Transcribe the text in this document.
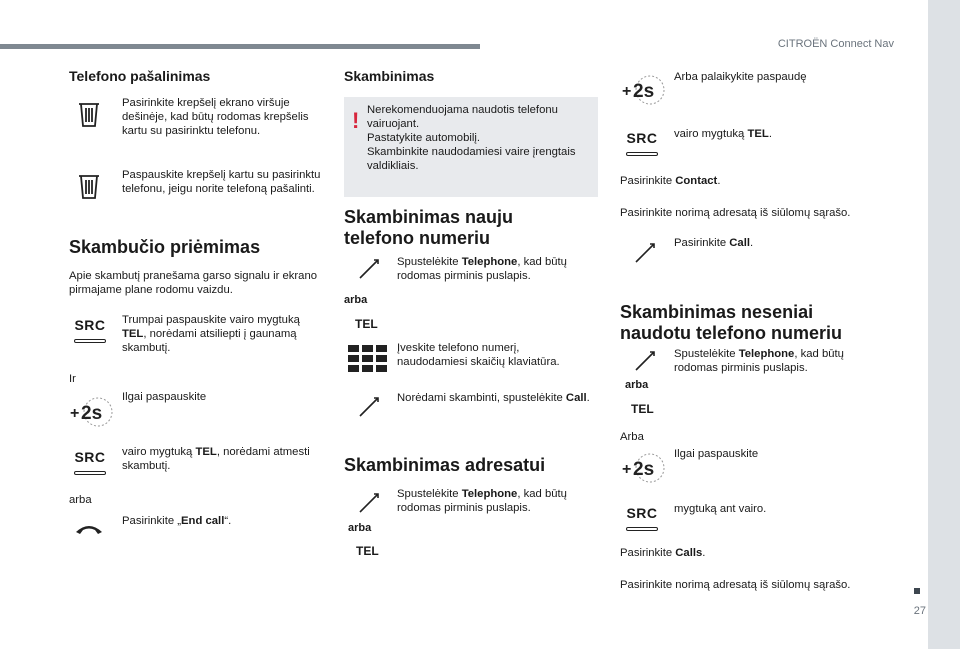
CITROËN Connect Nav
27
Telefono pašalinimas
Pasirinkite krepšelį ekrano viršuje dešinėje, kad būtų rodomas krepšelis kartu su pasirinktu telefonu.
Paspauskite krepšelį kartu su pasirinktu telefonu, jeigu norite telefoną pašalinti.
Skambučio priėmimas
Apie skambutį pranešama garso signalu ir ekrano pirmajame plane rodomu vaizdu.
SRC Trumpai paspauskite vairo mygtuką TEL, norėdami atsiliepti į gaunamą skambutį.
Ir
+ 2s
Ilgai paspauskite
SRC vairo mygtuką TEL, norėdami atmesti skambutį.
arba
Pasirinkite „End call“.
Skambinimas
! Nerekomenduojama naudotis telefonu vairuojant.
Pastatykite automobilį.
Skambinkite naudodamiesi vaire įrengtais valdikliais.
Skambinimas nauju telefono numeriu
arba
TEL
Spustelėkite Telephone, kad būtų rodomas pirminis puslapis.
Įveskite telefono numerį, naudodamiesi skaičių klaviatūra.
Norėdami skambinti, spustelėkite Call.
Skambinimas adresatui
arba
TEL
Spustelėkite Telephone, kad būtų rodomas pirminis puslapis.
+ 2s
Arba palaikykite paspaudę
SRC vairo mygtuką TEL.
Pasirinkite Contact.
Pasirinkite norimą adresatą iš siūlomų sąrašo.
Pasirinkite Call.
Skambinimas neseniai naudotu telefono numeriu
arba
TEL
Spustelėkite Telephone, kad būtų rodomas pirminis puslapis.
Arba
+ 2s
Ilgai paspauskite
SRC mygtuką ant vairo.
Pasirinkite Calls.
Pasirinkite norimą adresatą iš siūlomų sąrašo.
